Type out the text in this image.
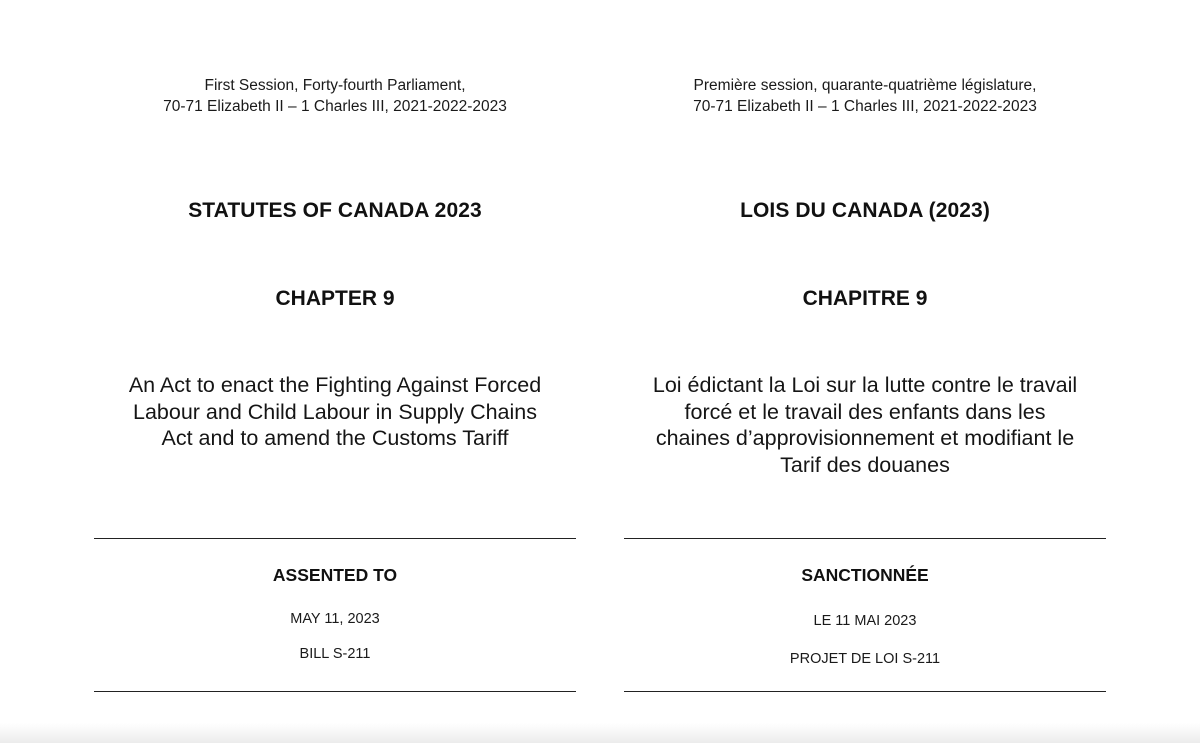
First Session, Forty-fourth Parliament,
70-71 Elizabeth II – 1 Charles III, 2021-2022-2023
STATUTES OF CANADA 2023
CHAPTER 9
An Act to enact the Fighting Against Forced
Labour and Child Labour in Supply Chains
Act and to amend the Customs Tariff
ASSENTED TO
MAY 11, 2023
BILL S-211
Première session, quarante-quatrième législature,
70-71 Elizabeth II – 1 Charles III, 2021-2022-2023
LOIS DU CANADA (2023)
CHAPITRE 9
Loi édictant la Loi sur la lutte contre le travail
forcé et le travail des enfants dans les
chaines d’approvisionnement et modifiant le
Tarif des douanes
SANCTIONNÉE
LE 11 MAI 2023
PROJET DE LOI S-211
